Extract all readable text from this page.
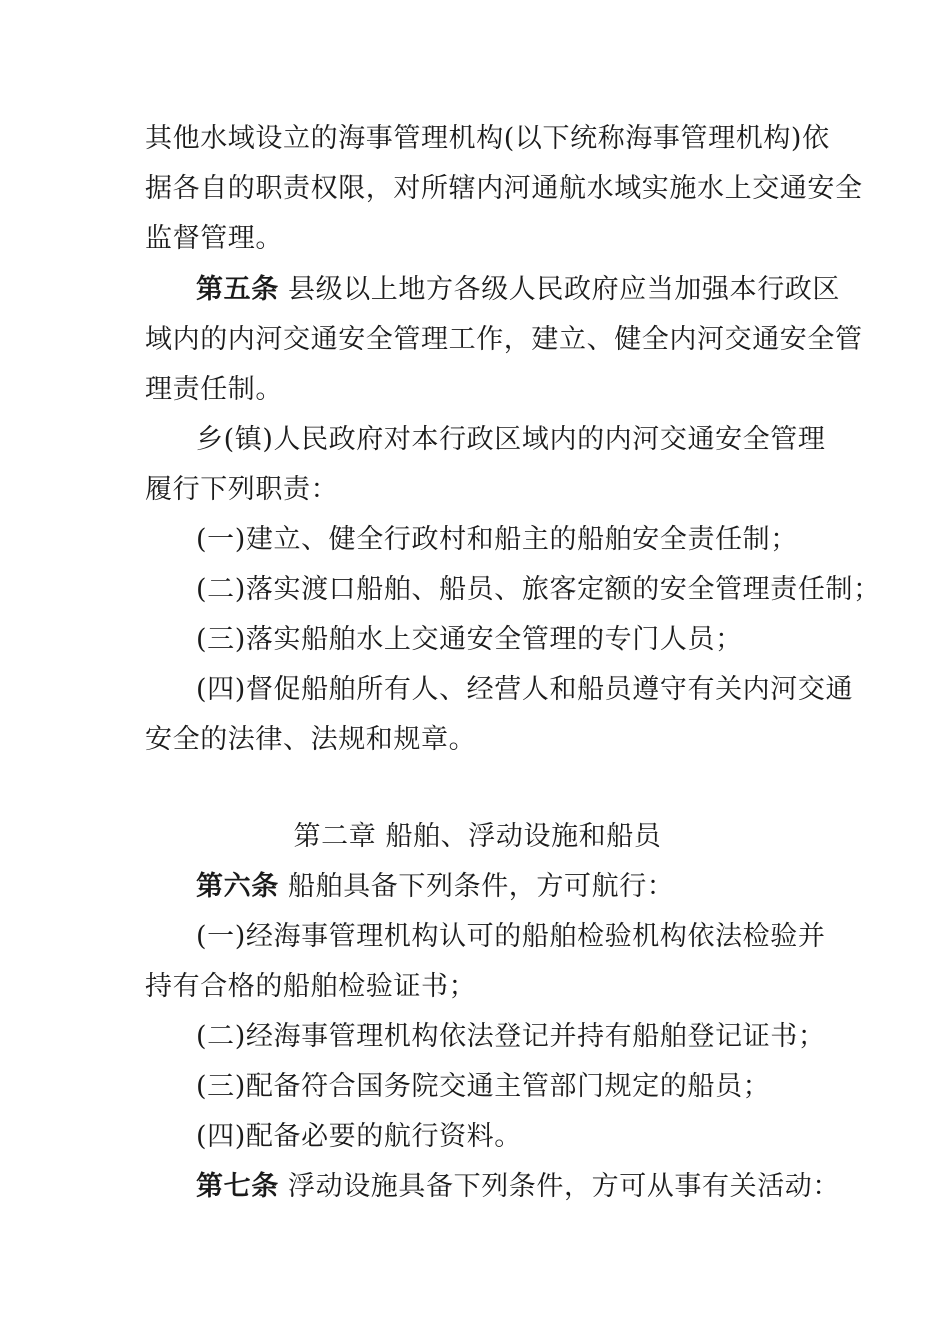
其他水域设立的海事管理机构(以下统称海事管理机构)依
据各自的职责权限，对所辖内河通航水域实施水上交通安全
监督管理。
第五条 县级以上地方各级人民政府应当加强本行政区
域内的内河交通安全管理工作，建立、健全内河交通安全管
理责任制。
乡(镇)人民政府对本行政区域内的内河交通安全管理
履行下列职责：
(一)建立、健全行政村和船主的船舶安全责任制；
(二)落实渡口船舶、船员、旅客定额的安全管理责任制；
(三)落实船舶水上交通安全管理的专门人员；
(四)督促船舶所有人、经营人和船员遵守有关内河交通
安全的法律、法规和规章。
第二章 船舶、浮动设施和船员
第六条 船舶具备下列条件，方可航行：
(一)经海事管理机构认可的船舶检验机构依法检验并
持有合格的船舶检验证书；
(二)经海事管理机构依法登记并持有船舶登记证书；
(三)配备符合国务院交通主管部门规定的船员；
(四)配备必要的航行资料。
第七条 浮动设施具备下列条件，方可从事有关活动：
